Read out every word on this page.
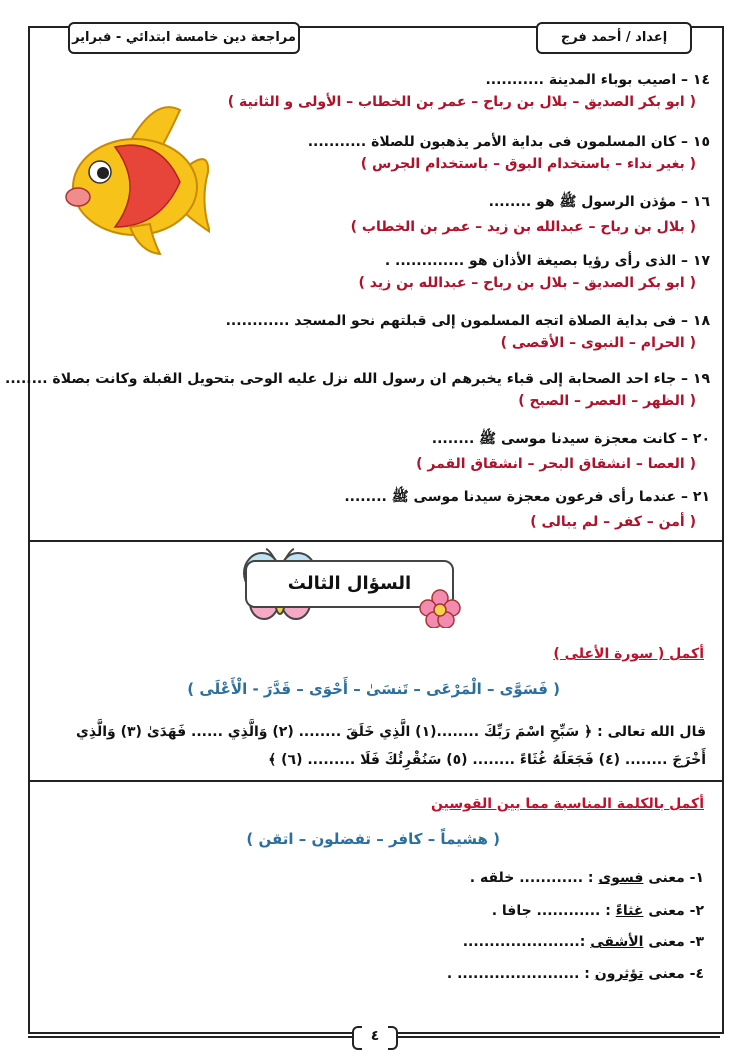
إعداد / أحمد فرج
مراجعة دين خامسة ابتدائي - فبراير
١٤ – اصيب بوباء المدينة ...........
( ابو بكر الصديق – بلال بن رباح – عمر بن الخطاب – الأولى و الثانية )
١٥ – كان المسلمون فى بداية الأمر يذهبون للصلاة ...........
( بغير نداء – باستخدام البوق – باستخدام الجرس )
١٦ – مؤذن الرسول ﷺ هو ........
( بلال بن رباح – عبدالله بن زيد – عمر بن الخطاب )
١٧ – الذى رأى رؤيا بصيغة الأذان هو ............. .
( ابو بكر الصديق – بلال بن رباح – عبدالله بن زيد )
١٨ – فى بداية الصلاة اتجه المسلمون إلى قبلتهم نحو المسجد ............
( الحرام – النبوى – الأقصى )
١٩ – جاء احد الصحابة إلى قباء يخبرهم ان رسول الله نزل عليه الوحى بتحويل القبلة وكانت بصلاة ........
( الظهر – العصر – الصبح )
٢٠ – كانت معجزة سيدنا موسى ﷺ ........
( العصا – انشقاق البحر – انشقاق القمر )
٢١ – عندما رأى فرعون معجزة سيدنا موسى ﷺ ........
( أمن – كفر – لم يبالى )
السؤال الثالث
أكمل ( سورة الأعلى )
( فَسَوَّى – الْمَرْعَى – تَنسَىٰ – أَحْوَى – قَدَّرَ - الْأَعْلَى )
قال الله تعالى : ﴿ سَبِّحِ اسْمَ رَبِّكَ ........(١) الَّذِي خَلَقَ ........ (٢) وَالَّذِي ...... فَهَدَىٰ (٣) وَالَّذِي
أَخْرَجَ ........ (٤) فَجَعَلَهُ غُثَاءً ........ (٥) سَنُقْرِئُكَ فَلَا ......... (٦) ﴾
أكمل بالكلمة المناسبة مما بين القوسين
( هشيماً – كافر – تفضلون – اتقن )
١- معنى فسوى : ............ خلقه .
٢- معنى غثاءً : ............ جافا .
٣- معنى الأشقى :......................
٤- معنى تؤثرون : ....................... .
٤
